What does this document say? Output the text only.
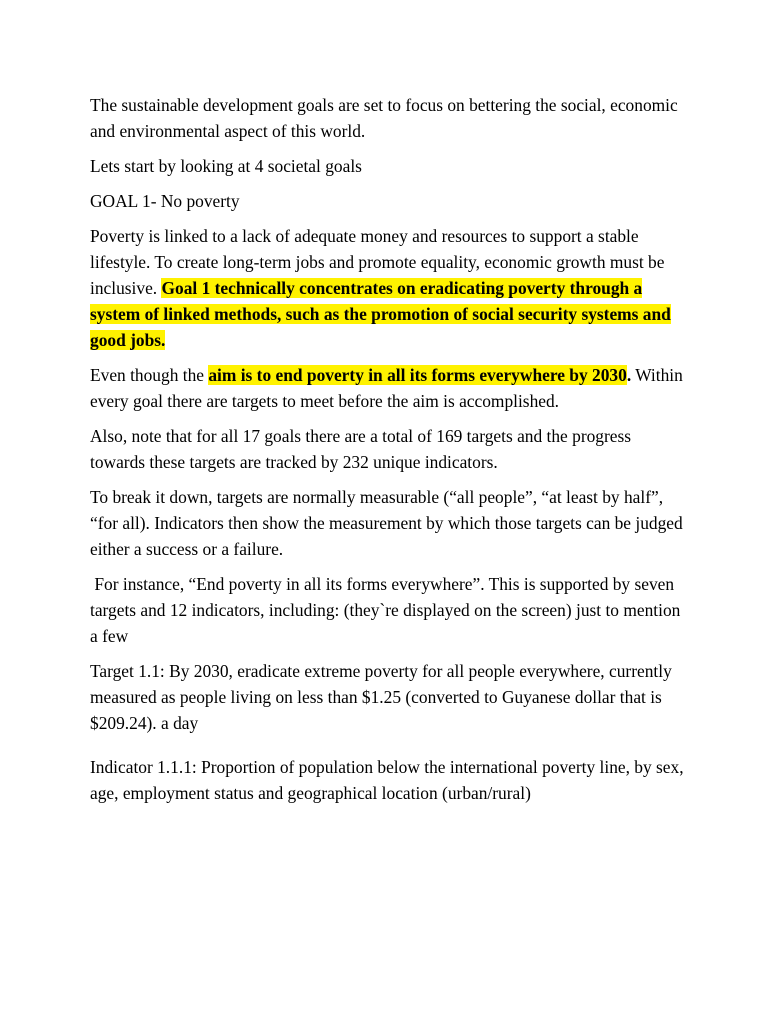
The sustainable development goals are set to focus on bettering the social, economic and environmental aspect of this world.

Lets start by looking at 4 societal goals

GOAL 1- No poverty

Poverty is linked to a lack of adequate money and resources to support a stable lifestyle. To create long-term jobs and promote equality, economic growth must be inclusive. Goal 1 technically concentrates on eradicating poverty through a system of linked methods, such as the promotion of social security systems and good jobs.

Even though the aim is to end poverty in all its forms everywhere by 2030. Within every goal there are targets to meet before the aim is accomplished.

Also, note that for all 17 goals there are a total of 169 targets and the progress towards these targets are tracked by 232 unique indicators.

To break it down, targets are normally measurable (“all people”, “at least by half”, “for all). Indicators then show the measurement by which those targets can be judged either a success or a failure.

For instance, “End poverty in all its forms everywhere”. This is supported by seven targets and 12 indicators, including: (they`re displayed on the screen) just to mention a few

Target 1.1: By 2030, eradicate extreme poverty for all people everywhere, currently measured as people living on less than $1.25 (converted to Guyanese dollar that is $209.24). a day

Indicator 1.1.1: Proportion of population below the international poverty line, by sex, age, employment status and geographical location (urban/rural)
